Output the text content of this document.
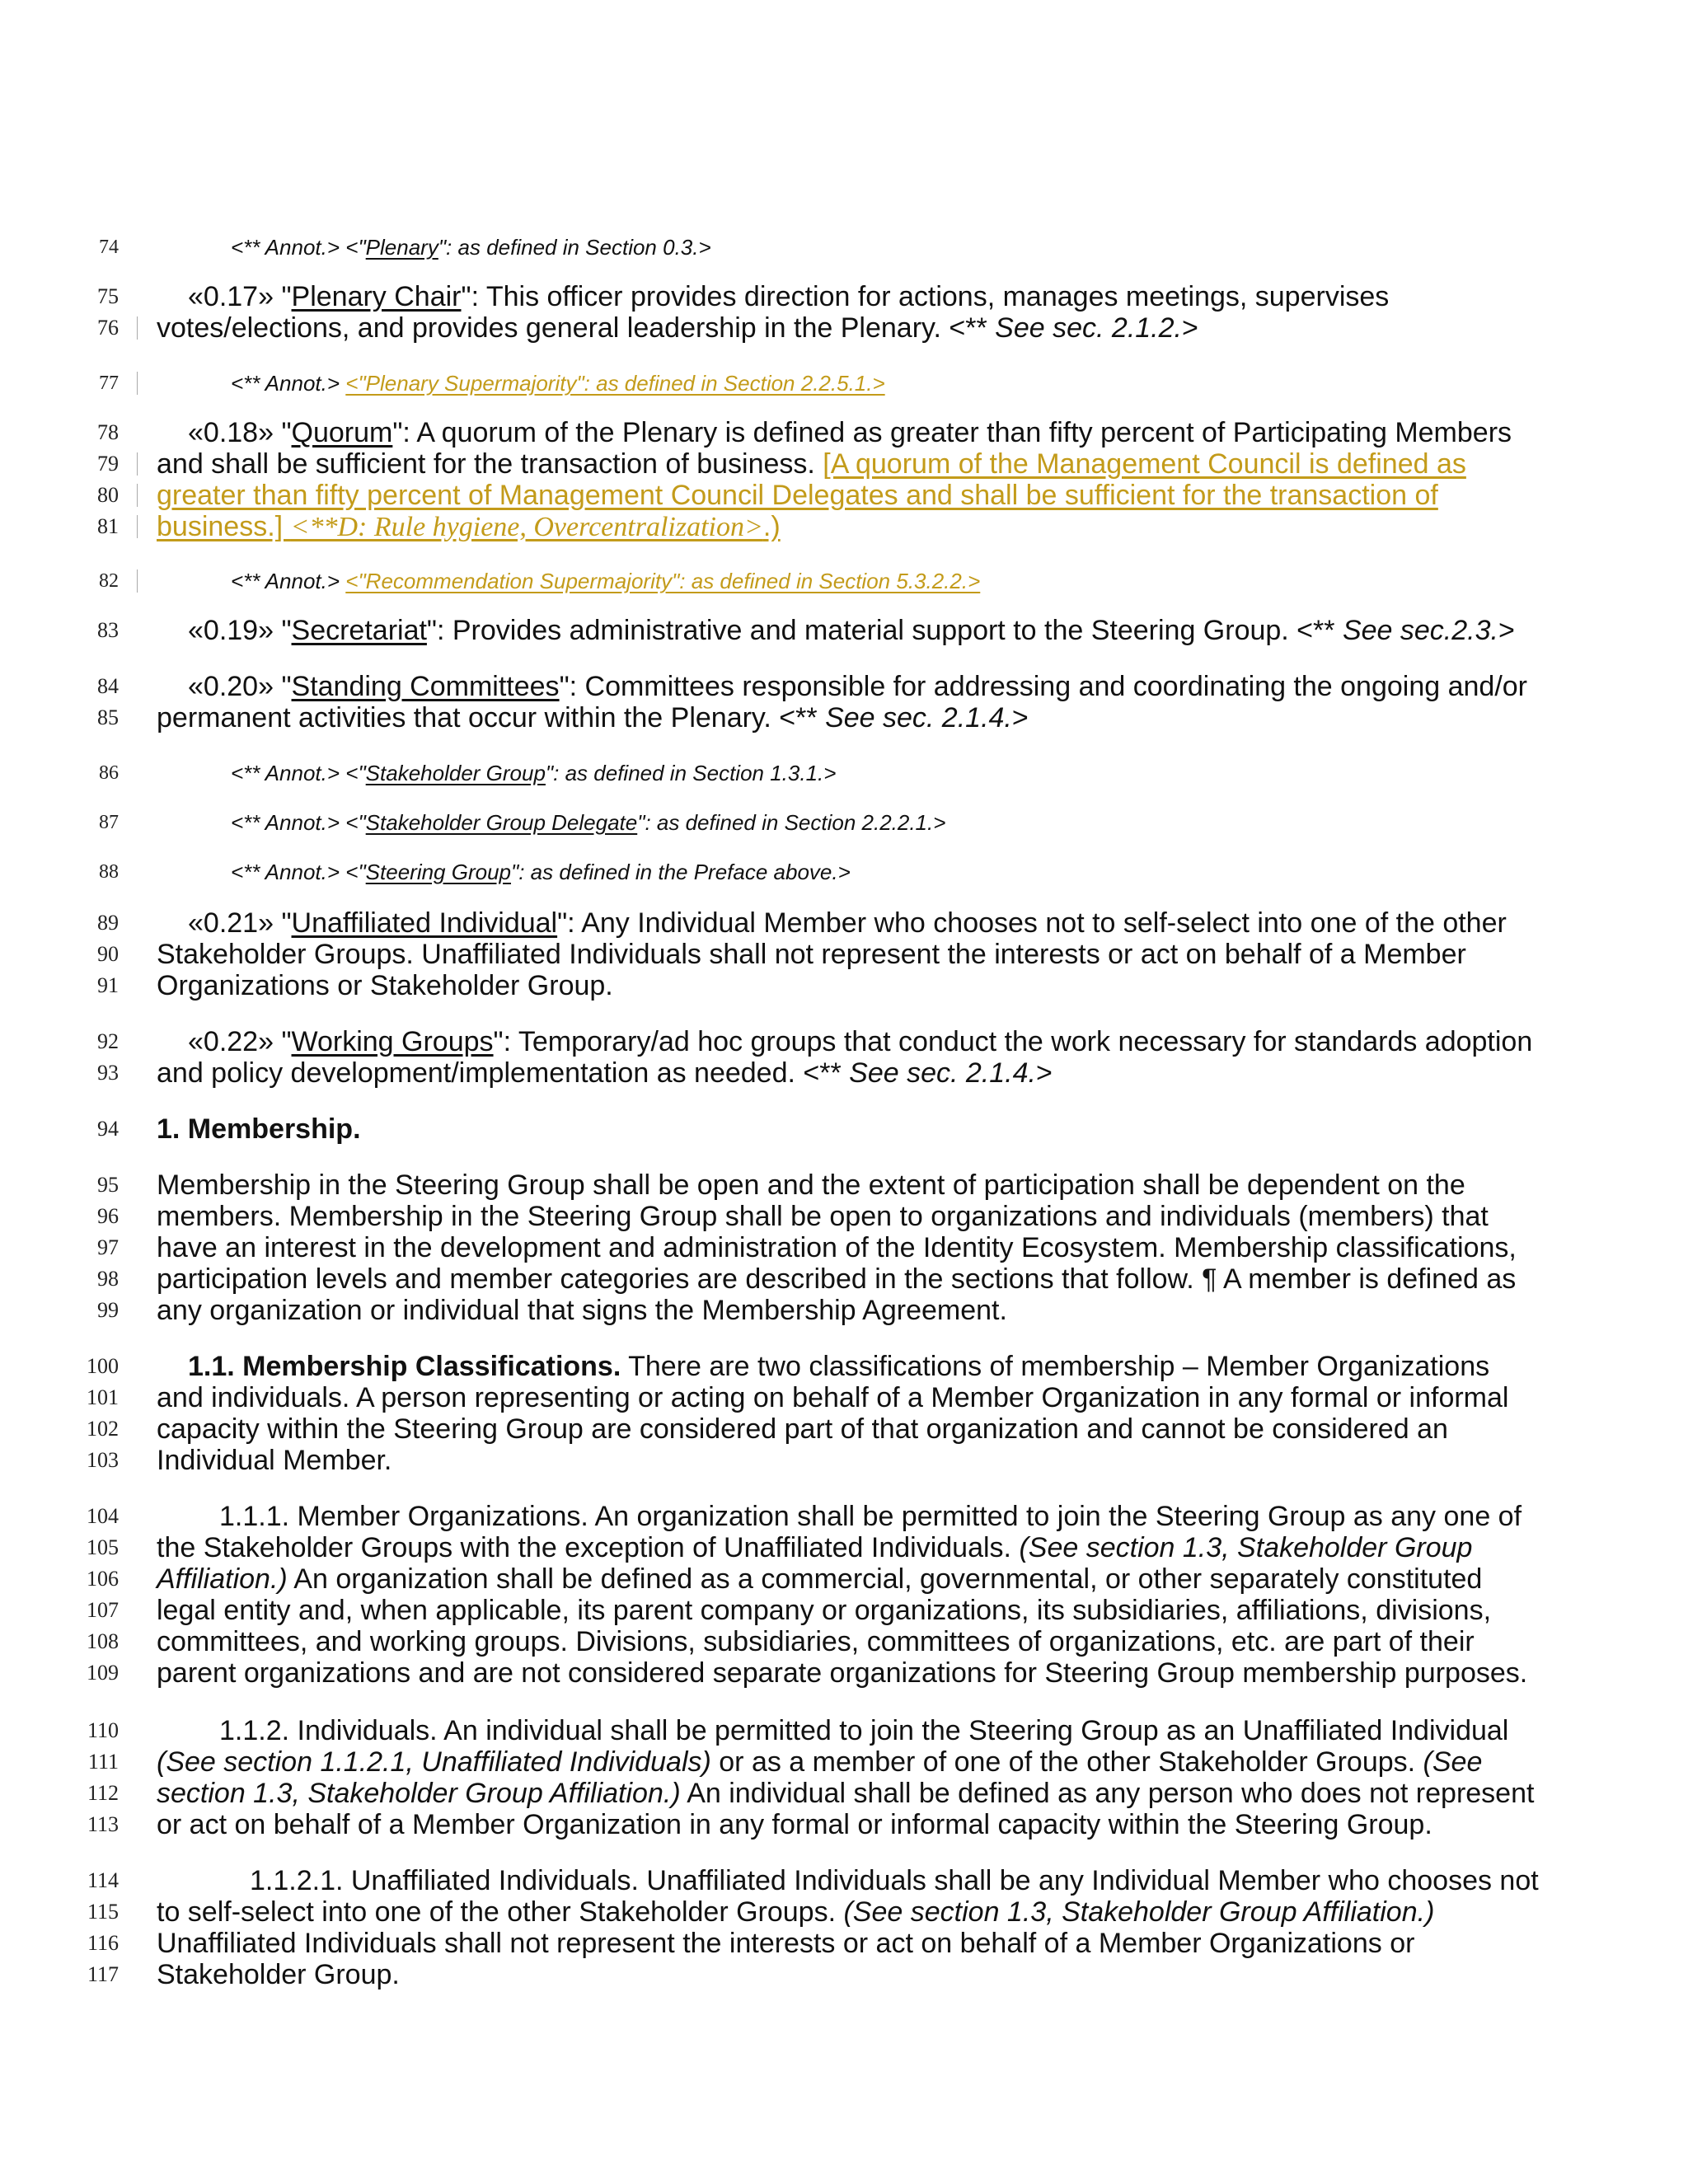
74	<** Annot.> <"Plenary": as defined in Section 0.3.>
75 «0.17» "Plenary Chair": This officer provides direction for actions, manages meetings, supervises
76 votes/elections, and provides general leadership in the Plenary. <** See sec. 2.1.2.>
77	<** Annot.> <"Plenary Supermajority": as defined in Section 2.2.5.1.>
78 «0.18» "Quorum": A quorum of the Plenary is defined as greater than fifty percent of Participating Members
79 and shall be sufficient for the transaction of business. [A quorum of the Management Council is defined as
80 greater than fifty percent of Management Council Delegates and shall be sufficient for the transaction of
81 business.] <**D: Rule hygiene, Overcentralization>.)
82	<** Annot.> <"Recommendation Supermajority": as defined in Section 5.3.2.2.>
83 «0.19» "Secretariat": Provides administrative and material support to the Steering Group. <** See sec.2.3.>
84 «0.20» "Standing Committees": Committees responsible for addressing and coordinating the ongoing and/or
85 permanent activities that occur within the Plenary. <** See sec. 2.1.4.>
86	<** Annot.> <"Stakeholder Group": as defined in Section 1.3.1.>
87	<** Annot.> <"Stakeholder Group Delegate": as defined in Section 2.2.2.1.>
88	<** Annot.> <"Steering Group": as defined in the Preface above.>
89 «0.21» "Unaffiliated Individual": Any Individual Member who chooses not to self-select into one of the other
90 Stakeholder Groups. Unaffiliated Individuals shall not represent the interests or act on behalf of a Member
91 Organizations or Stakeholder Group.
92 «0.22» "Working Groups": Temporary/ad hoc groups that conduct the work necessary for standards adoption
93 and policy development/implementation as needed. <** See sec. 2.1.4.>
94 1. Membership.
95 Membership in the Steering Group shall be open and the extent of participation shall be dependent on the
96 members. Membership in the Steering Group shall be open to organizations and individuals (members) that
97 have an interest in the development and administration of the Identity Ecosystem. Membership classifications,
98 participation levels and member categories are described in the sections that follow. ¶ A member is defined as
99 any organization or individual that signs the Membership Agreement.
100 1.1. Membership Classifications. There are two classifications of membership – Member Organizations
101 and individuals. A person representing or acting on behalf of a Member Organization in any formal or informal
102 capacity within the Steering Group are considered part of that organization and cannot be considered an
103 Individual Member.
104	1.1.1. Member Organizations. An organization shall be permitted to join the Steering Group as any one of
105 the Stakeholder Groups with the exception of Unaffiliated Individuals. (See section 1.3, Stakeholder Group
106 Affiliation.) An organization shall be defined as a commercial, governmental, or other separately constituted
107 legal entity and, when applicable, its parent company or organizations, its subsidiaries, affiliations, divisions,
108 committees, and working groups. Divisions, subsidiaries, committees of organizations, etc. are part of their
109 parent organizations and are not considered separate organizations for Steering Group membership purposes.
110	1.1.2. Individuals. An individual shall be permitted to join the Steering Group as an Unaffiliated Individual
111 (See section 1.1.2.1, Unaffiliated Individuals) or as a member of one of the other Stakeholder Groups. (See
112 section 1.3, Stakeholder Group Affiliation.) An individual shall be defined as any person who does not represent
113 or act on behalf of a Member Organization in any formal or informal capacity within the Steering Group.
114	1.1.2.1. Unaffiliated Individuals. Unaffiliated Individuals shall be any Individual Member who chooses not
115 to self-select into one of the other Stakeholder Groups. (See section 1.3, Stakeholder Group Affiliation.)
116 Unaffiliated Individuals shall not represent the interests or act on behalf of a Member Organizations or
117 Stakeholder Group.
